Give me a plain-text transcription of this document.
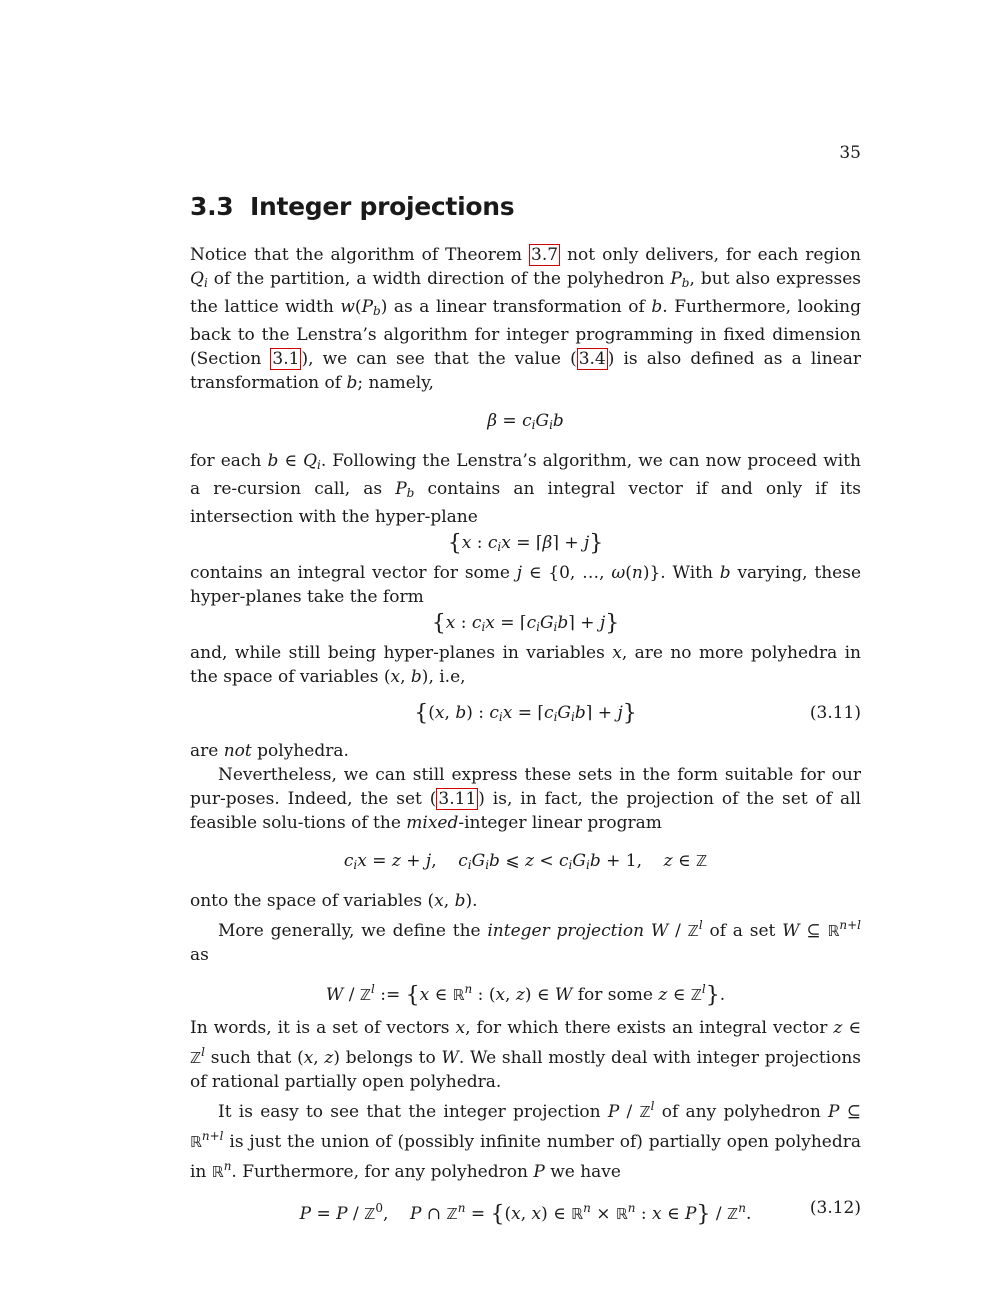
35
3.3 Integer projections

Notice that the algorithm of Theorem 3.7 not only delivers, for each region $Q_i$ of the partition, a width direction of the polyhedron $P_b$, but also expresses the lattice width $w(P_b)$ as a linear transformation of b. Furthermore, looking back to the Lenstra’s algorithm for integer programming in fixed dimension (Section 3.1 ), we can see that the value ( 3.4 ) is also defined as a linear transformation of b; namely,

$\beta = c_iG_ib$

for each b ∈ $Q_i$. Following the Lenstra’s algorithm, we can now proceed with a re-cursion call, as $P_b$ contains an integral vector if and only if its intersection with the hyper-plane

{x : $c_ix$ = ⌈β⌉ + j}

contains an integral vector for some j ∈ {0, …, ω(n)}. With b varying, these hyper-planes take the form

{x : $c_ix$ = $⌈c_iG_ib⌉ + j$}

and, while still being hyper-planes in variables x, are no more polyhedra in the space of variables (x, b), i.e,

{(x, b) : $c_ix$ = $⌈c_iG_ib⌉ + j$}	(3.11)

are not polyhedra.

Nevertheless, we can still express these sets in the form suitable for our pur-poses. Indeed, the set ( 3.11 ) is, in fact, the projection of the set of all feasible solu-tions of the mixed-integer linear program

$c_ix = z + j$,    $c_iG_ib$ ⩽ $z < c_iG_ib + 1$,    z ∈ ℤ

onto the space of variables (x, b).

More generally, we define the integer projection W / ℤ$^l$ of a set W ⊆ ℝ$^{n+l}$ as

W / ℤ$^l$ := {x ∈ ℝ$^n$ : (x, z) ∈ W for some z ∈ ℤ$^l$}.

In words, it is a set of vectors x, for which there exists an integral vector z ∈ ℤ$^l$ such that (x, z) belongs to W. We shall mostly deal with integer projections of rational partially open polyhedra.

It is easy to see that the integer projection P / ℤ$^l$ of any polyhedron P ⊆ ℝ$^{n+l}$ is just the union of (possibly infinite number of) partially open polyhedra in ℝ$^n$. Furthermore, for any polyhedron P we have

P = P / ℤ$^0$,    P ∩ ℤ$^n$ = {(x, x) ∈ ℝ$^n$ × ℝ$^n$ : x ∈ P} / ℤ$^n$.	(3.12)
